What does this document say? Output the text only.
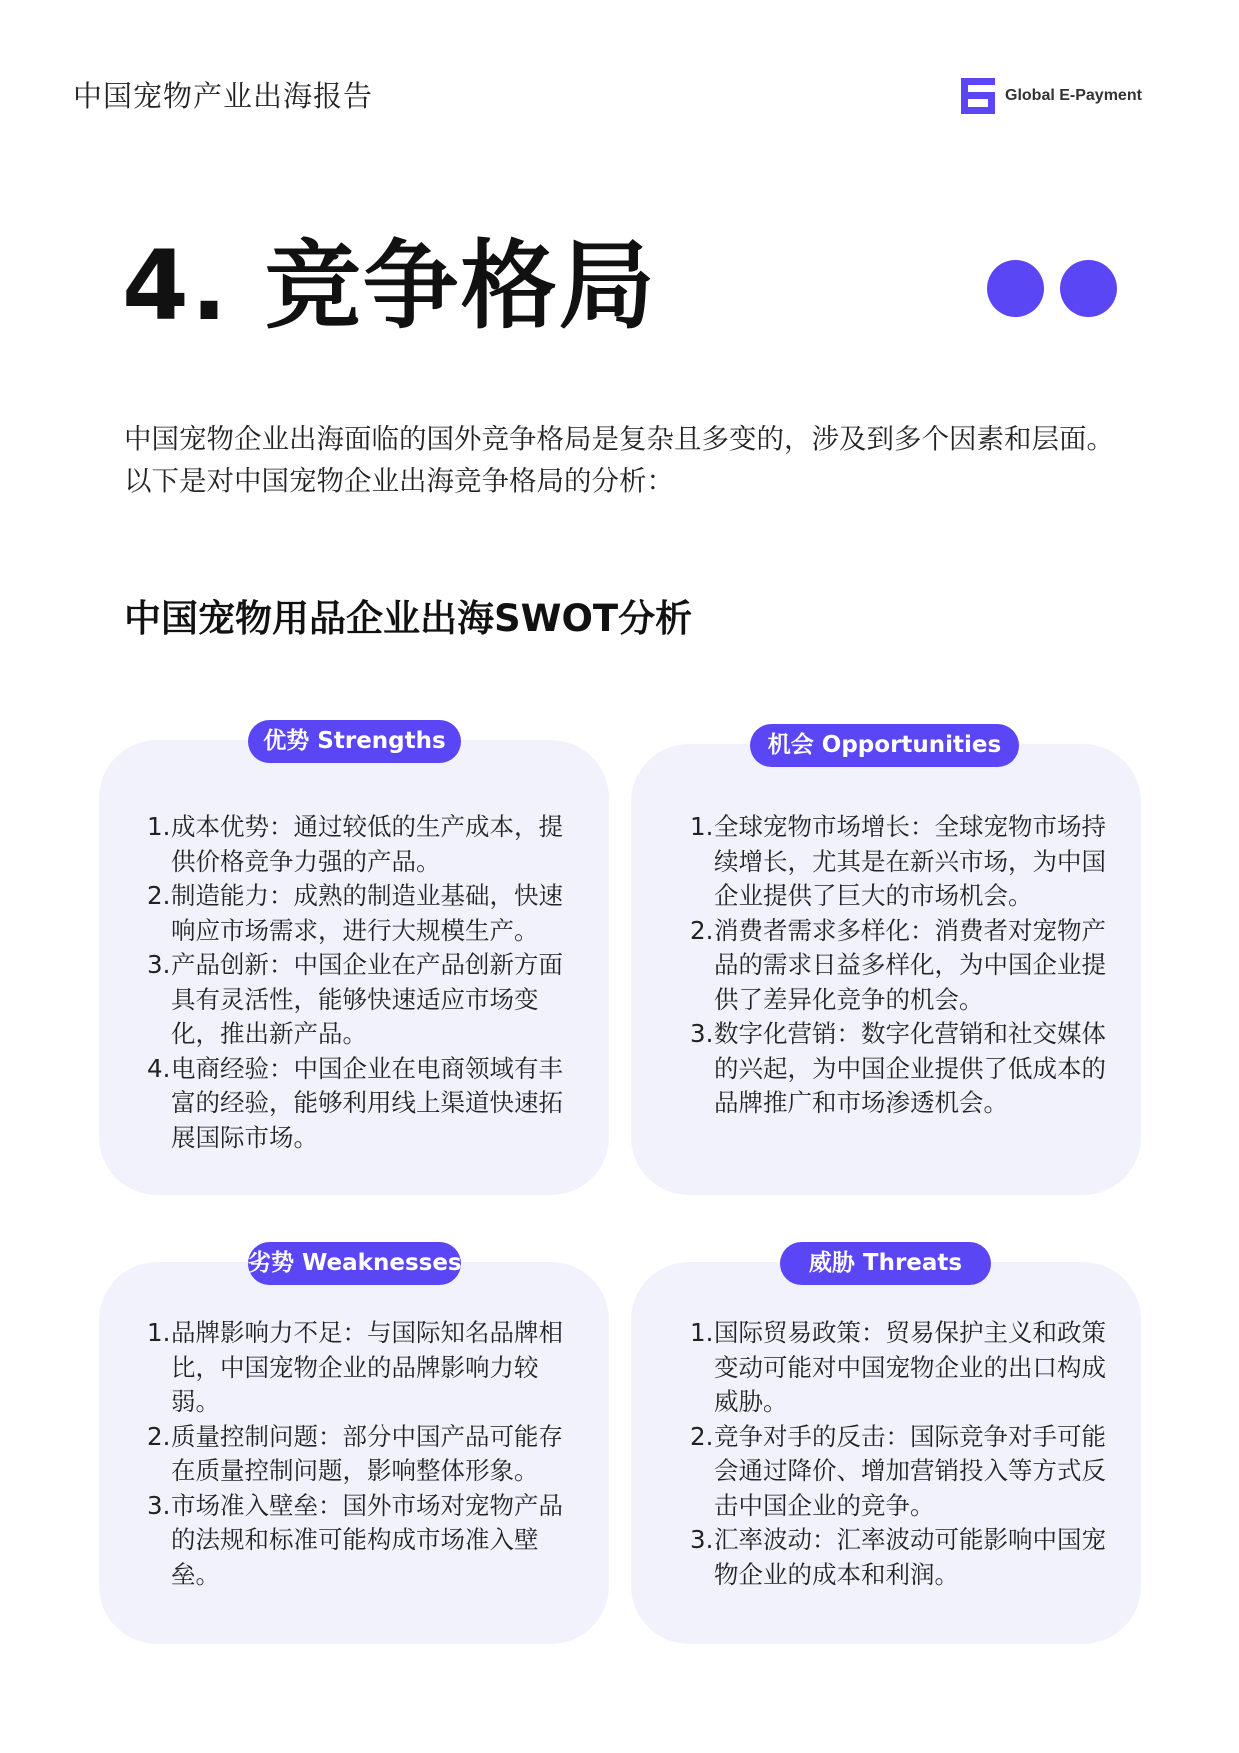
中国宠物产业出海报告	Global E-Payment
4. 竞争格局

中国宠物企业出海面临的国外竞争格局是复杂且多变的，涉及到多个因素和层面。以下是对中国宠物企业出海竞争格局的分析：

中国宠物用品企业出海SWOT分析
优势 Strengths	机会 Opportunities
劣势 Weaknesses	威胁 Threats
1. 成本优势：通过较低的生产成本，提供价格竞争力强的产品。
2. 制造能力：成熟的制造业基础，快速响应市场需求，进行大规模生产。
3. 产品创新：中国企业在产品创新方面具有灵活性，能够快速适应市场变化，推出新产品。
4. 电商经验：中国企业在电商领域有丰富的经验，能够利用线上渠道快速拓展国际市场。
1. 全球宠物市场增长：全球宠物市场持续增长，尤其是在新兴市场，为中国企业提供了巨大的市场机会。
2. 消费者需求多样化：消费者对宠物产品的需求日益多样化，为中国企业提供了差异化竞争的机会。
3. 数字化营销：数字化营销和社交媒体的兴起，为中国企业提供了低成本的品牌推广和市场渗透机会。
1. 品牌影响力不足：与国际知名品牌相比，中国宠物企业的品牌影响力较弱。
2. 质量控制问题：部分中国产品可能存在质量控制问题，影响整体形象。
3. 市场准入壁垒：国外市场对宠物产品的法规和标准可能构成市场准入壁垒。
1. 国际贸易政策：贸易保护主义和政策变动可能对中国宠物企业的出口构成威胁。
2. 竞争对手的反击：国际竞争对手可能会通过降价、增加营销投入等方式反击中国企业的竞争。
3. 汇率波动：汇率波动可能影响中国宠物企业的成本和利润。
